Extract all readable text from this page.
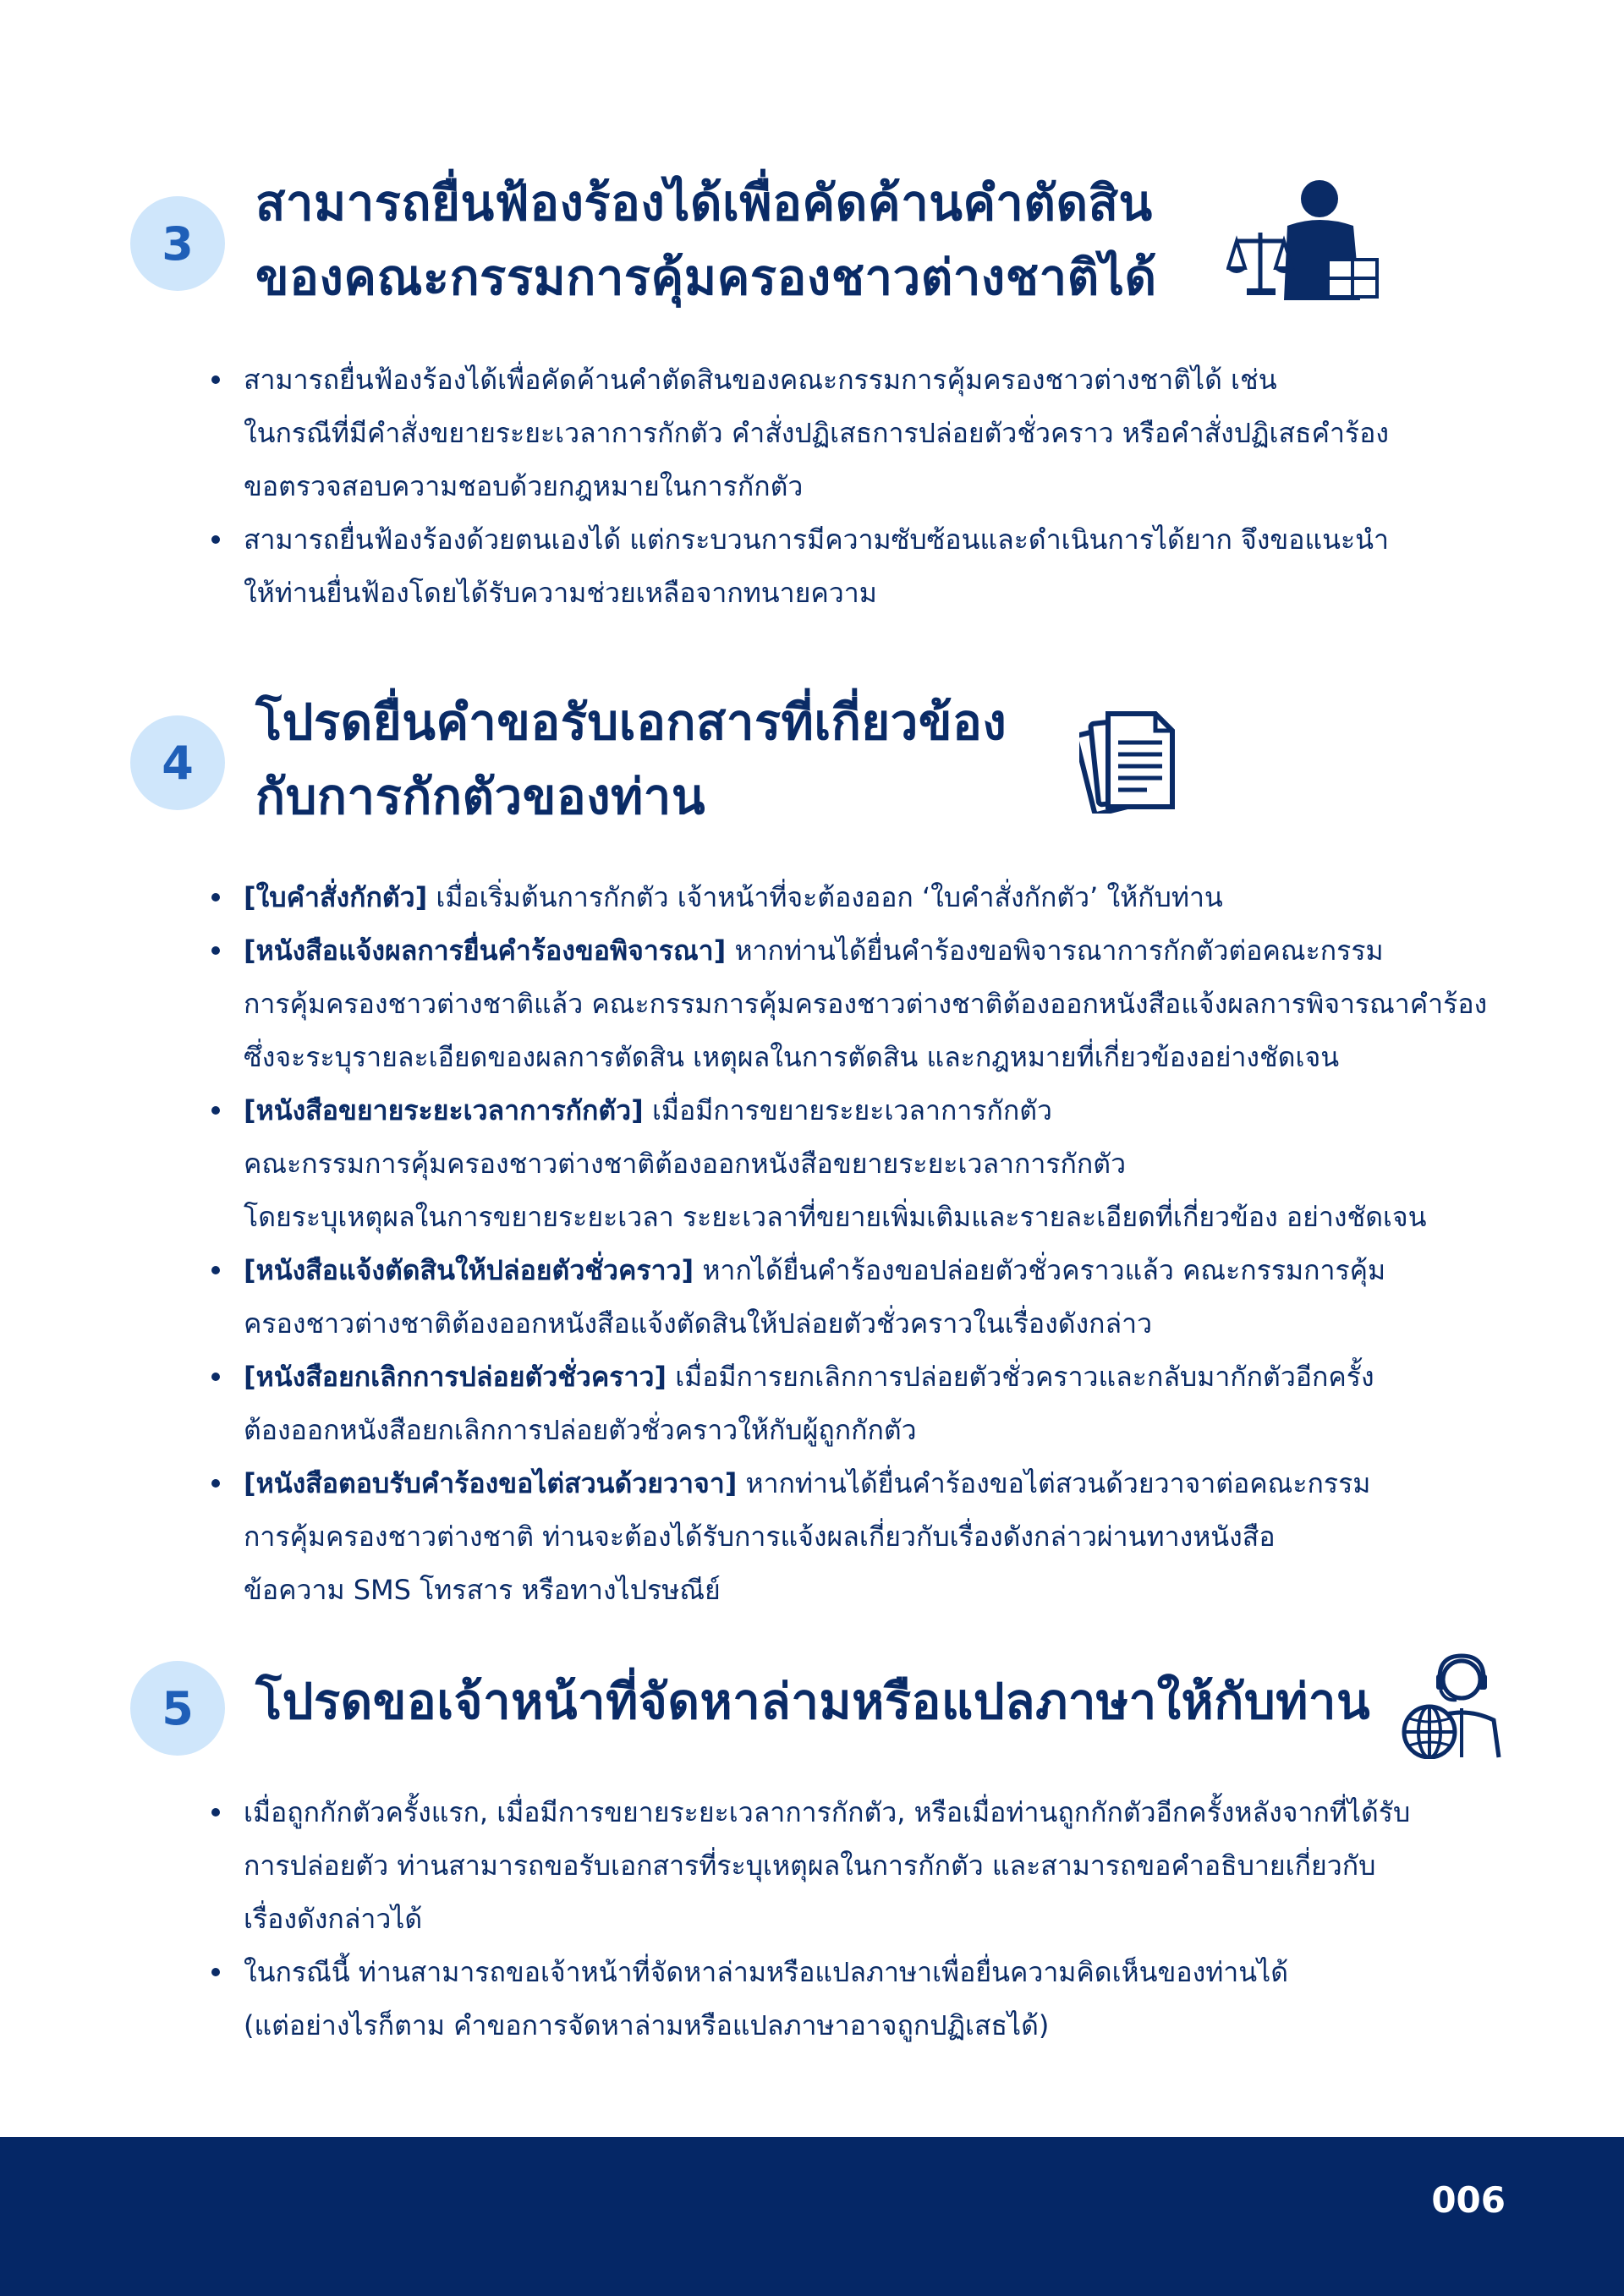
3
สามารถยื่นฟ้องร้องได้เพื่อคัดค้านคำตัดสิน
ของคณะกรรมการคุ้มครองชาวต่างชาติได้
สามารถยื่นฟ้องร้องได้เพื่อคัดค้านคำตัดสินของคณะกรรมการคุ้มครองชาวต่างชาติได้ เช่น
ในกรณีที่มีคำสั่งขยายระยะเวลาการกักตัว คำสั่งปฏิเสธการปล่อยตัวชั่วคราว หรือคำสั่งปฏิเสธคำร้อง
ขอตรวจสอบความชอบด้วยกฎหมายในการกักตัว
สามารถยื่นฟ้องร้องด้วยตนเองได้ แต่กระบวนการมีความซับซ้อนและดำเนินการได้ยาก จึงขอแนะนำ
ให้ท่านยื่นฟ้องโดยได้รับความช่วยเหลือจากทนายความ
4
โปรดยื่นคำขอรับเอกสารที่เกี่ยวข้อง
กับการกักตัวของท่าน
[ใบคำสั่งกักตัว] เมื่อเริ่มต้นการกักตัว เจ้าหน้าที่จะต้องออก ‘ใบคำสั่งกักตัว’ ให้กับท่าน
[หนังสือแจ้งผลการยื่นคำร้องขอพิจารณา] หากท่านได้ยื่นคำร้องขอพิจารณาการกักตัวต่อคณะกรรม
การคุ้มครองชาวต่างชาติแล้ว คณะกรรมการคุ้มครองชาวต่างชาติต้องออกหนังสือแจ้งผลการพิจารณาคำร้อง
ซึ่งจะระบุรายละเอียดของผลการตัดสิน เหตุผลในการตัดสิน และกฎหมายที่เกี่ยวข้องอย่างชัดเจน
[หนังสือขยายระยะเวลาการกักตัว] เมื่อมีการขยายระยะเวลาการกักตัว
คณะกรรมการคุ้มครองชาวต่างชาติต้องออกหนังสือขยายระยะเวลาการกักตัว
โดยระบุเหตุผลในการขยายระยะเวลา ระยะเวลาที่ขยายเพิ่มเติมและรายละเอียดที่เกี่ยวข้อง อย่างชัดเจน
[หนังสือแจ้งตัดสินให้ปล่อยตัวชั่วคราว] หากได้ยื่นคำร้องขอปล่อยตัวชั่วคราวแล้ว คณะกรรมการคุ้ม
ครองชาวต่างชาติต้องออกหนังสือแจ้งตัดสินให้ปล่อยตัวชั่วคราวในเรื่องดังกล่าว
[หนังสือยกเลิกการปล่อยตัวชั่วคราว] เมื่อมีการยกเลิกการปล่อยตัวชั่วคราวและกลับมากักตัวอีกครั้ง
ต้องออกหนังสือยกเลิกการปล่อยตัวชั่วคราวให้กับผู้ถูกกักตัว
[หนังสือตอบรับคำร้องขอไต่สวนด้วยวาจา] หากท่านได้ยื่นคำร้องขอไต่สวนด้วยวาจาต่อคณะกรรม
การคุ้มครองชาวต่างชาติ ท่านจะต้องได้รับการแจ้งผลเกี่ยวกับเรื่องดังกล่าวผ่านทางหนังสือ
ข้อความ SMS โทรสาร หรือทางไปรษณีย์
5	โปรดขอเจ้าหน้าที่จัดหาล่ามหรือแปลภาษาให้กับท่าน
เมื่อถูกกักตัวครั้งแรก, เมื่อมีการขยายระยะเวลาการกักตัว, หรือเมื่อท่านถูกกักตัวอีกครั้งหลังจากที่ได้รับ
การปล่อยตัว ท่านสามารถขอรับเอกสารที่ระบุเหตุผลในการกักตัว และสามารถขอคำอธิบายเกี่ยวกับ
เรื่องดังกล่าวได้
ในกรณีนี้ ท่านสามารถขอเจ้าหน้าที่จัดหาล่ามหรือแปลภาษาเพื่อยื่นความคิดเห็นของท่านได้
(แต่อย่างไรก็ตาม คำขอการจัดหาล่ามหรือแปลภาษาอาจถูกปฏิเสธได้)
006
